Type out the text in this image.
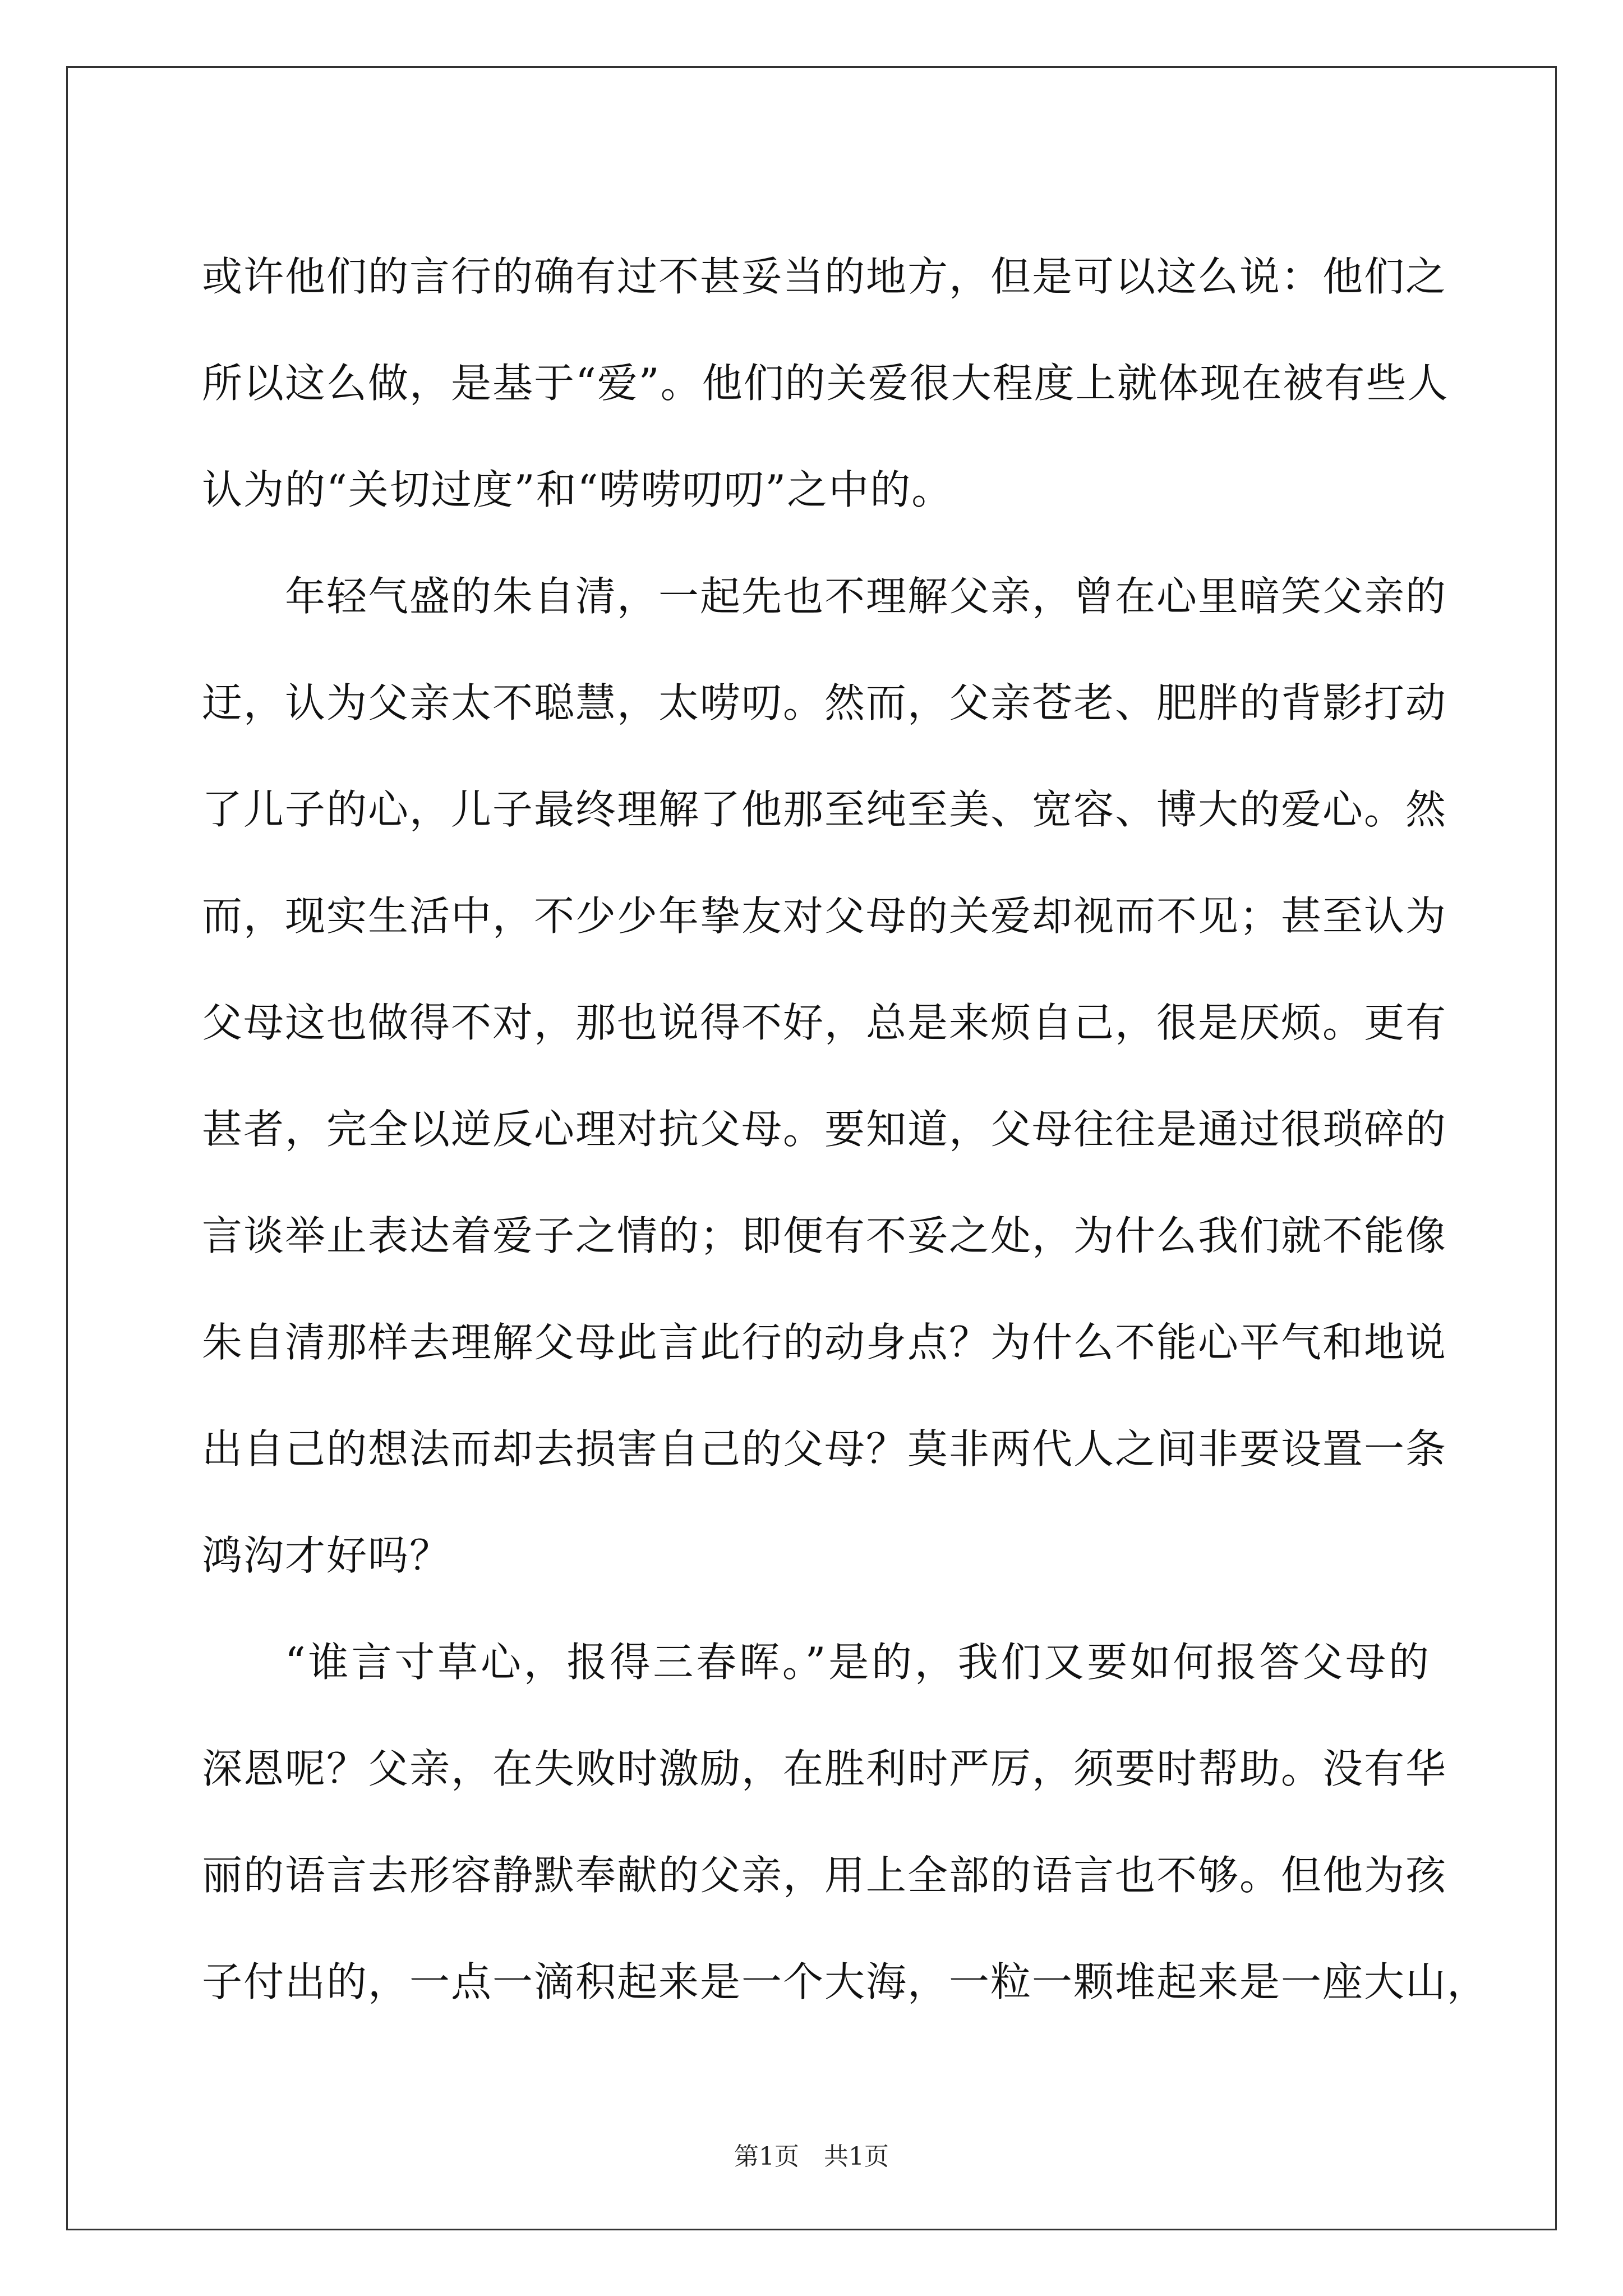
或许他们的言行的确有过不甚妥当的地方，但是可以这么说：他们之
所以这么做，是基于“爱”。他们的关爱很大程度上就体现在被有些人
认为的“关切过度”和“唠唠叨叨”之中的。
年轻气盛的朱自清，一起先也不理解父亲，曾在心里暗笑父亲的
迂，认为父亲太不聪慧，太唠叨。然而，父亲苍老、肥胖的背影打动
了儿子的心，儿子最终理解了他那至纯至美、宽容、博大的爱心。然
而，现实生活中，不少少年挚友对父母的关爱却视而不见；甚至认为
父母这也做得不对，那也说得不好，总是来烦自己，很是厌烦。更有
甚者，完全以逆反心理对抗父母。要知道，父母往往是通过很琐碎的
言谈举止表达着爱子之情的；即便有不妥之处，为什么我们就不能像
朱自清那样去理解父母此言此行的动身点？为什么不能心平气和地说
出自己的想法而却去损害自己的父母？莫非两代人之间非要设置一条
鸿沟才好吗？
“谁言寸草心，报得三春晖。”是的，我们又要如何报答父母的
深恩呢？父亲，在失败时激励，在胜利时严厉，须要时帮助。没有华
丽的语言去形容静默奉献的父亲，用上全部的语言也不够。但他为孩
子付出的，一点一滴积起来是一个大海，一粒一颗堆起来是一座大山，
第1页 共1页
